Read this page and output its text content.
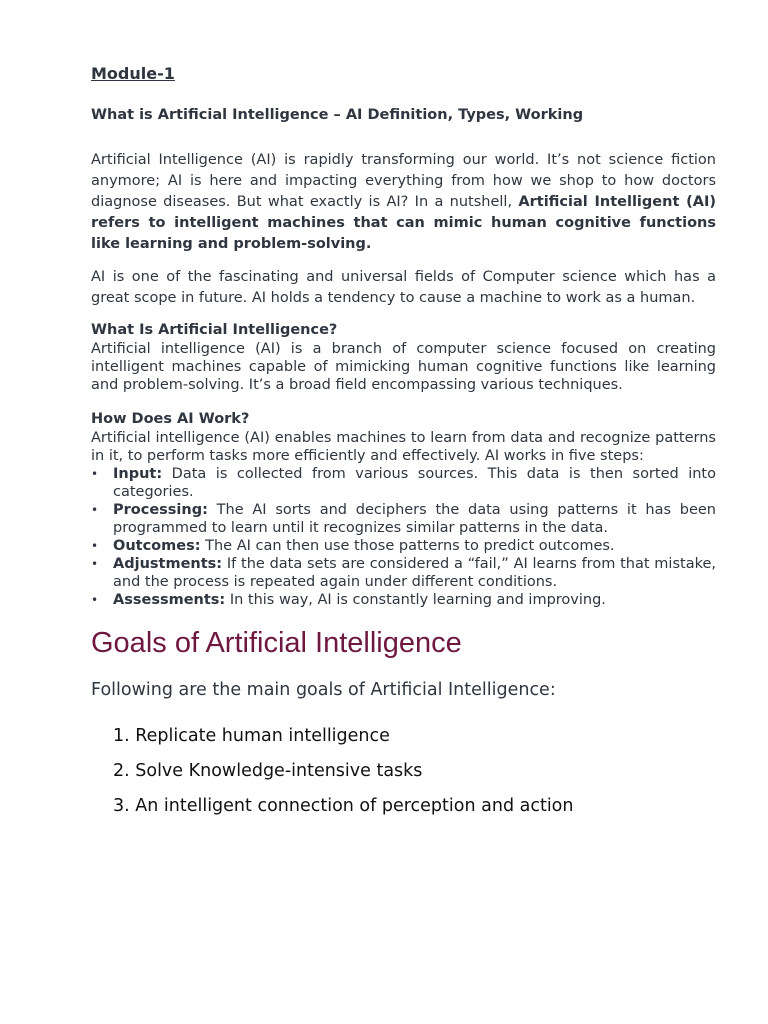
Module-1
What is Artificial Intelligence – AI Definition, Types, Working

Artificial Intelligence (AI) is rapidly transforming our world. It’s not science fiction anymore; AI is here and impacting everything from how we shop to how doctors diagnose diseases. But what exactly is AI? In a nutshell, Artificial Intelligent (AI) refers to intelligent machines that can mimic human cognitive functions like learning and problem-solving.

AI is one of the fascinating and universal fields of Computer science which has a great scope in future. AI holds a tendency to cause a machine to work as a human.

What Is Artificial Intelligence?

Artificial intelligence (AI) is a branch of computer science focused on creating intelligent machines capable of mimicking human cognitive functions like learning and problem-solving. It’s a broad field encompassing various techniques.

How Does AI Work?

Artificial intelligence (AI) enables machines to learn from data and recognize patterns in it, to perform tasks more efficiently and effectively. AI works in five steps:

• Input: Data is collected from various sources. This data is then sorted into categories.
• Processing: The AI sorts and deciphers the data using patterns it has been programmed to learn until it recognizes similar patterns in the data.
• Outcomes: The AI can then use those patterns to predict outcomes.
• Adjustments: If the data sets are considered a “fail,” AI learns from that mistake, and the process is repeated again under different conditions.
• Assessments: In this way, AI is constantly learning and improving.
Goals of Artificial Intelligence
Following are the main goals of Artificial Intelligence:
1. Replicate human intelligence
2. Solve Knowledge-intensive tasks
3. An intelligent connection of perception and action
